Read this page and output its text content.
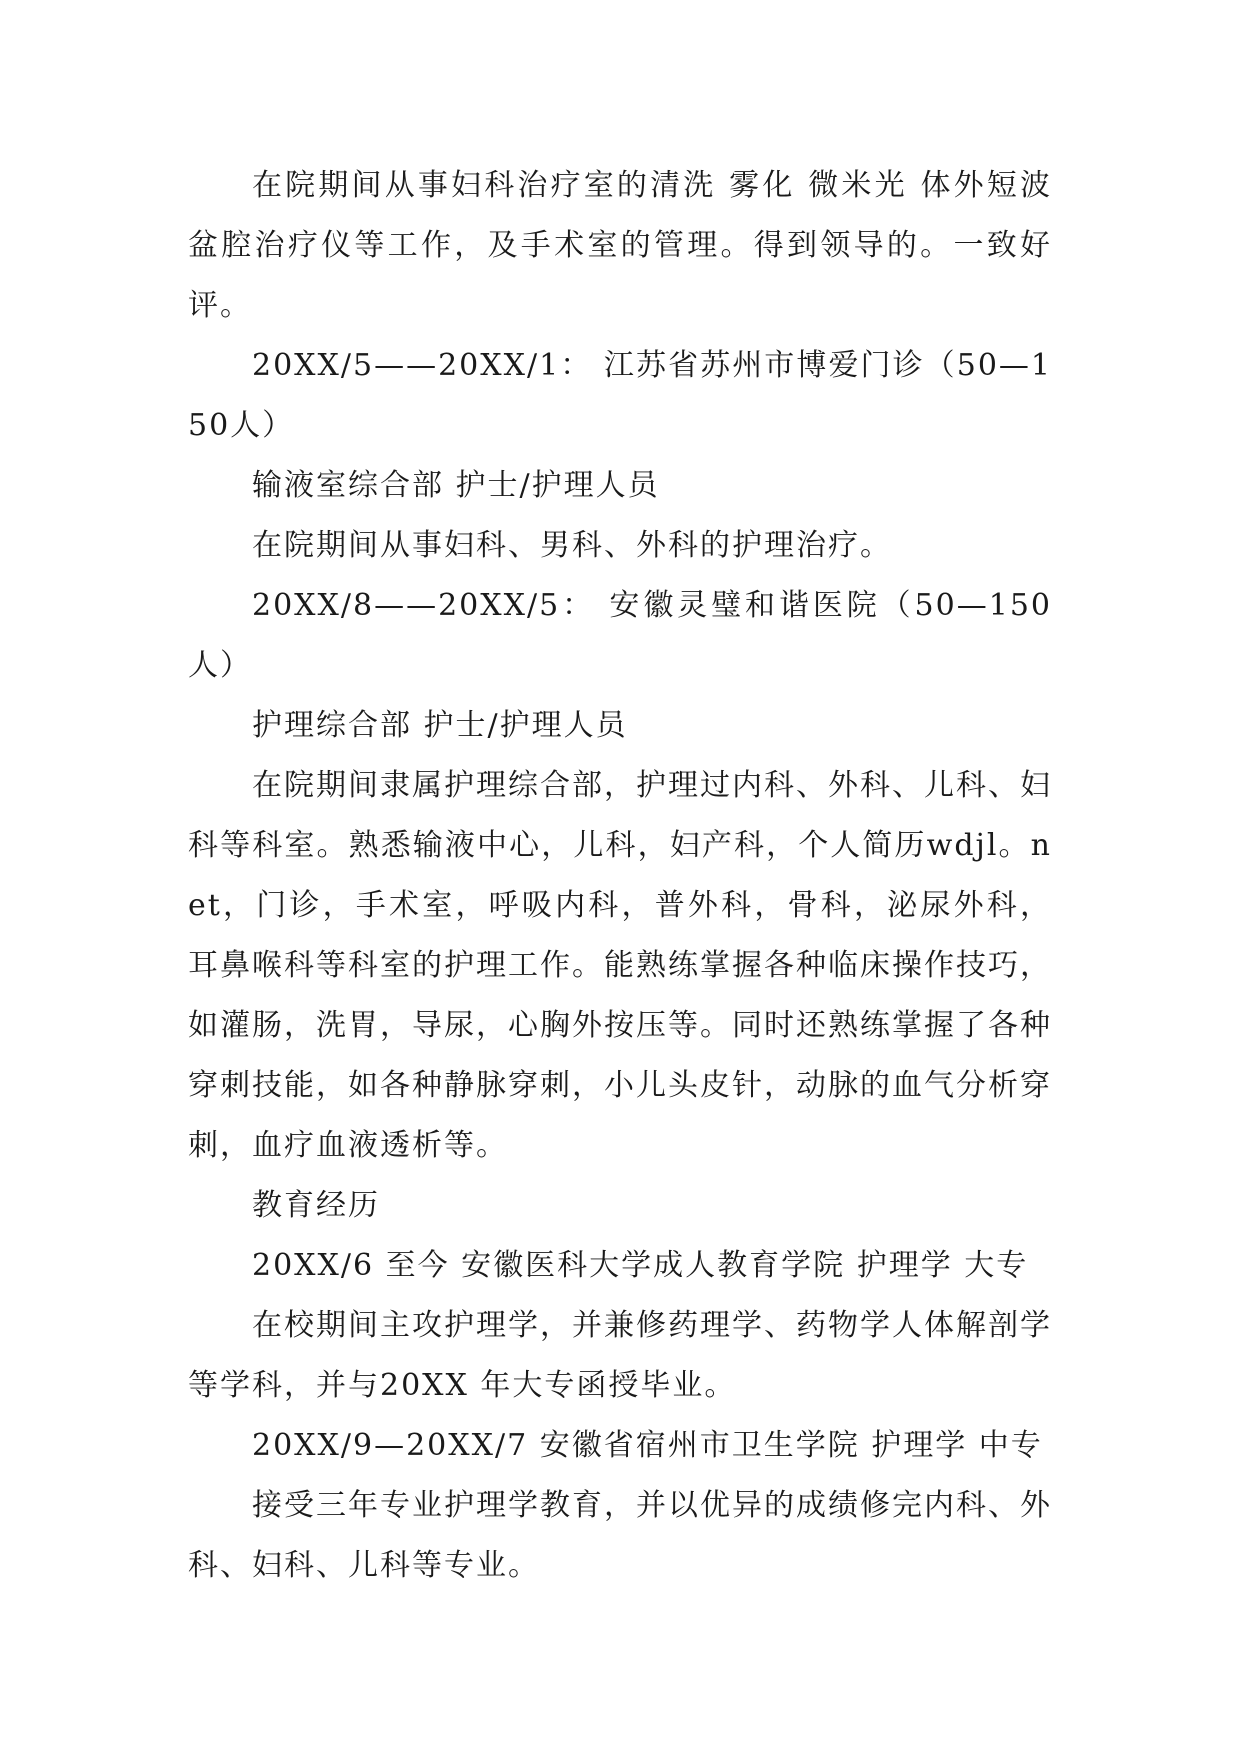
在院期间从事妇科治疗室的清洗 雾化 微米光 体外短波 盆腔治疗仪等工作，及手术室的管理。得到领导的。一致好评。

20XX/5——20XX/1： 江苏省苏州市博爱门诊（50—150人）

输液室综合部 护士/护理人员

在院期间从事妇科、男科、外科的护理治疗。

20XX/8——20XX/5： 安徽灵璧和谐医院（50—150 人）

护理综合部 护士/护理人员

在院期间隶属护理综合部，护理过内科、外科、儿科、妇科等科室。熟悉输液中心，儿科，妇产科，个人简历wdjl。net，门诊，手术室，呼吸内科，普外科，骨科，泌尿外科，耳鼻喉科等科室的护理工作。能熟练掌握各种临床操作技巧，如灌肠，洗胃，导尿，心胸外按压等。同时还熟练掌握了各种穿刺技能，如各种静脉穿刺，小儿头皮针，动脉的血气分析穿刺，血疗血液透析等。

教育经历

20XX/6 至今 安徽医科大学成人教育学院 护理学 大专

在校期间主攻护理学，并兼修药理学、药物学人体解剖学等学科，并与20XX 年大专函授毕业。

20XX/9—20XX/7 安徽省宿州市卫生学院 护理学 中专

接受三年专业护理学教育，并以优异的成绩修完内科、外科、妇科、儿科等专业。
